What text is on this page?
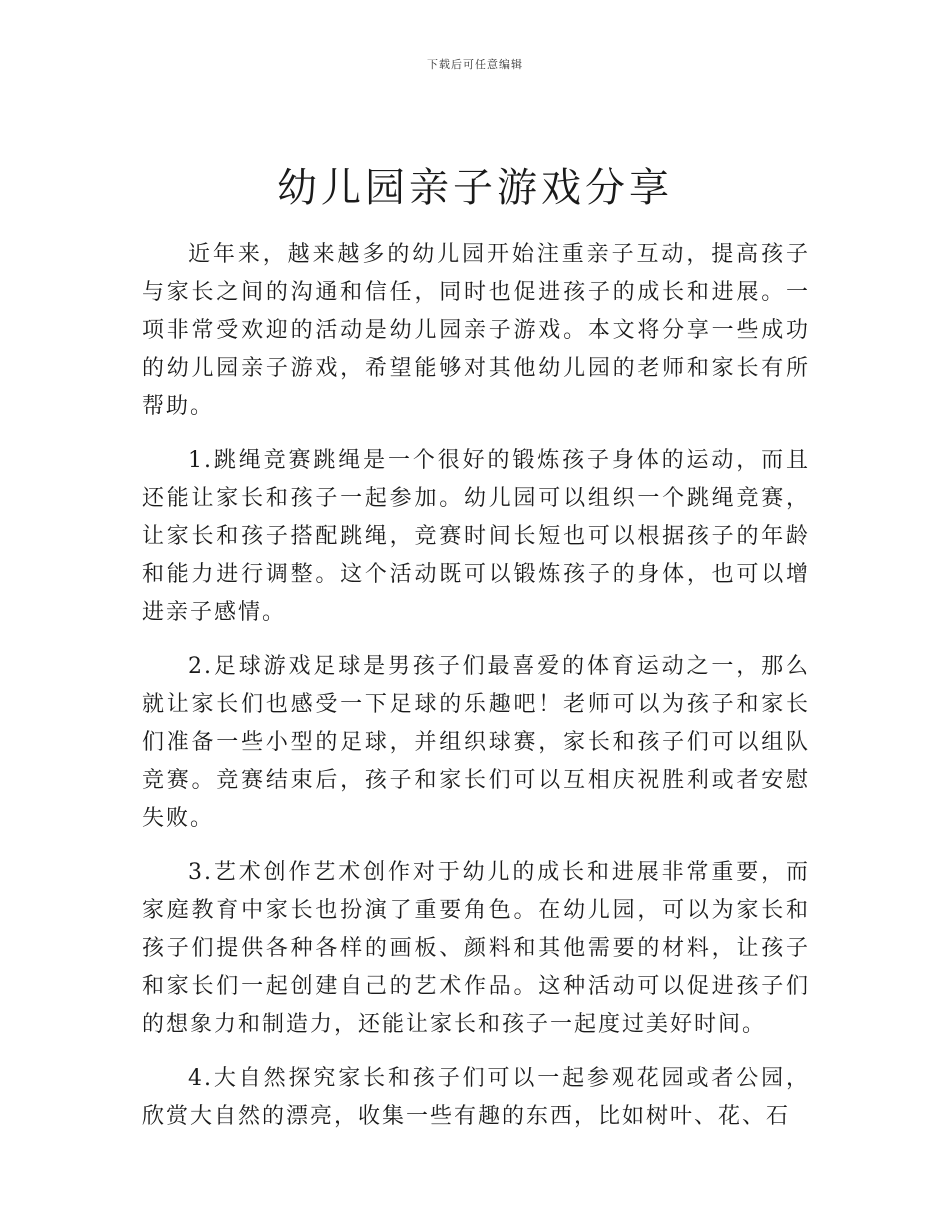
下载后可任意编辑
幼儿园亲子游戏分享

近年来，越来越多的幼儿园开始注重亲子互动，提高孩子与家长之间的沟通和信任，同时也促进孩子的成长和进展。一项非常受欢迎的活动是幼儿园亲子游戏。本文将分享一些成功的幼儿园亲子游戏，希望能够对其他幼儿园的老师和家长有所帮助。

1.跳绳竞赛跳绳是一个很好的锻炼孩子身体的运动，而且还能让家长和孩子一起参加。幼儿园可以组织一个跳绳竞赛，让家长和孩子搭配跳绳，竞赛时间长短也可以根据孩子的年龄和能力进行调整。这个活动既可以锻炼孩子的身体，也可以增进亲子感情。

2.足球游戏足球是男孩子们最喜爱的体育运动之一，那么就让家长们也感受一下足球的乐趣吧！老师可以为孩子和家长们准备一些小型的足球，并组织球赛，家长和孩子们可以组队竞赛。竞赛结束后，孩子和家长们可以互相庆祝胜利或者安慰失败。

3.艺术创作艺术创作对于幼儿的成长和进展非常重要，而家庭教育中家长也扮演了重要角色。在幼儿园，可以为家长和孩子们提供各种各样的画板、颜料和其他需要的材料，让孩子和家长们一起创建自己的艺术作品。这种活动可以促进孩子们的想象力和制造力，还能让家长和孩子一起度过美好时间。

4.大自然探究家长和孩子们可以一起参观花园或者公园，欣赏大自然的漂亮，收集一些有趣的东西，比如树叶、花、石
